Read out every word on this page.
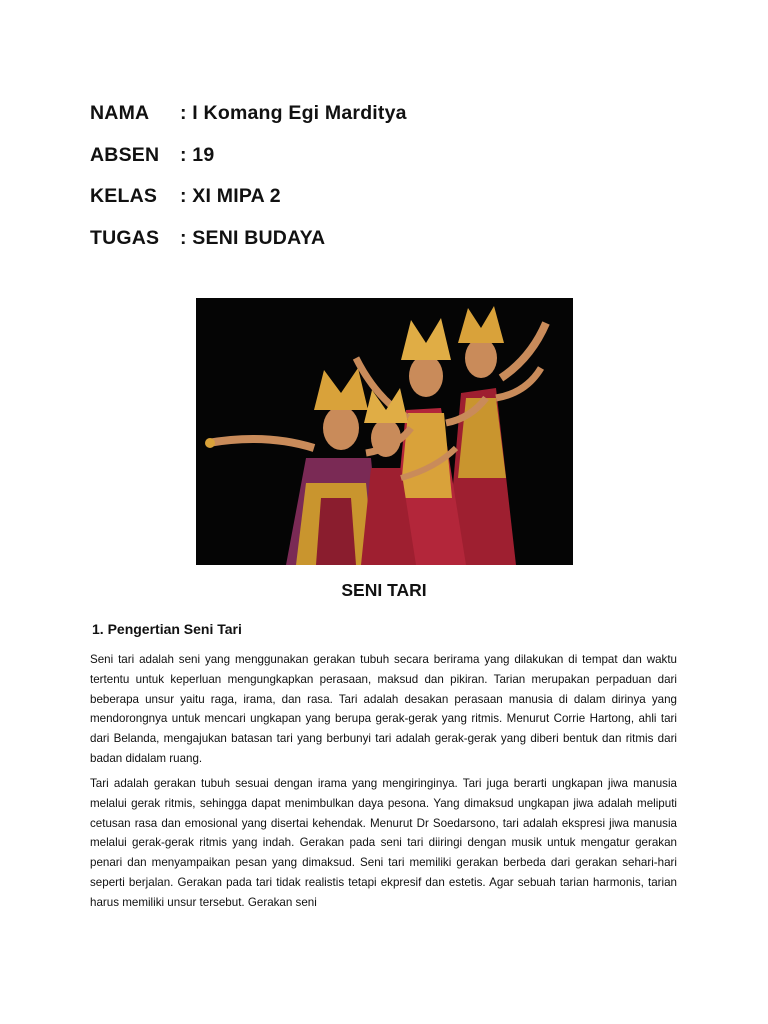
NAMA	: I Komang Egi Marditya
ABSEN	: 19
KELAS	: XI MIPA 2
TUGAS	: SENI BUDAYA
SENI TARI
1. Pengertian Seni Tari

Seni tari adalah seni yang menggunakan gerakan tubuh secara berirama yang dilakukan di tempat dan waktu tertentu untuk keperluan mengungkapkan perasaan, maksud dan pikiran. Tarian merupakan perpaduan dari beberapa unsur yaitu raga, irama, dan rasa. Tari adalah desakan perasaan manusia di dalam dirinya yang mendorongnya untuk mencari ungkapan yang berupa gerak-gerak yang ritmis. Menurut Corrie Hartong, ahli tari dari Belanda, mengajukan batasan tari yang berbunyi tari adalah gerak-gerak yang diberi bentuk dan ritmis dari badan didalam ruang.

Tari adalah gerakan tubuh sesuai dengan irama yang mengiringinya. Tari juga berarti ungkapan jiwa manusia melalui gerak ritmis, sehingga dapat menimbulkan daya pesona. Yang dimaksud ungkapan jiwa adalah meliputi cetusan rasa dan emosional yang disertai kehendak. Menurut Dr Soedarsono, tari adalah ekspresi jiwa manusia melalui gerak-gerak ritmis yang indah. Gerakan pada seni tari diiringi dengan musik untuk mengatur gerakan penari dan menyampaikan pesan yang dimaksud. Seni tari memiliki gerakan berbeda dari gerakan sehari-hari seperti berjalan. Gerakan pada tari tidak realistis tetapi ekpresif dan estetis. Agar sebuah tarian harmonis, tarian harus memiliki unsur tersebut. Gerakan seni
